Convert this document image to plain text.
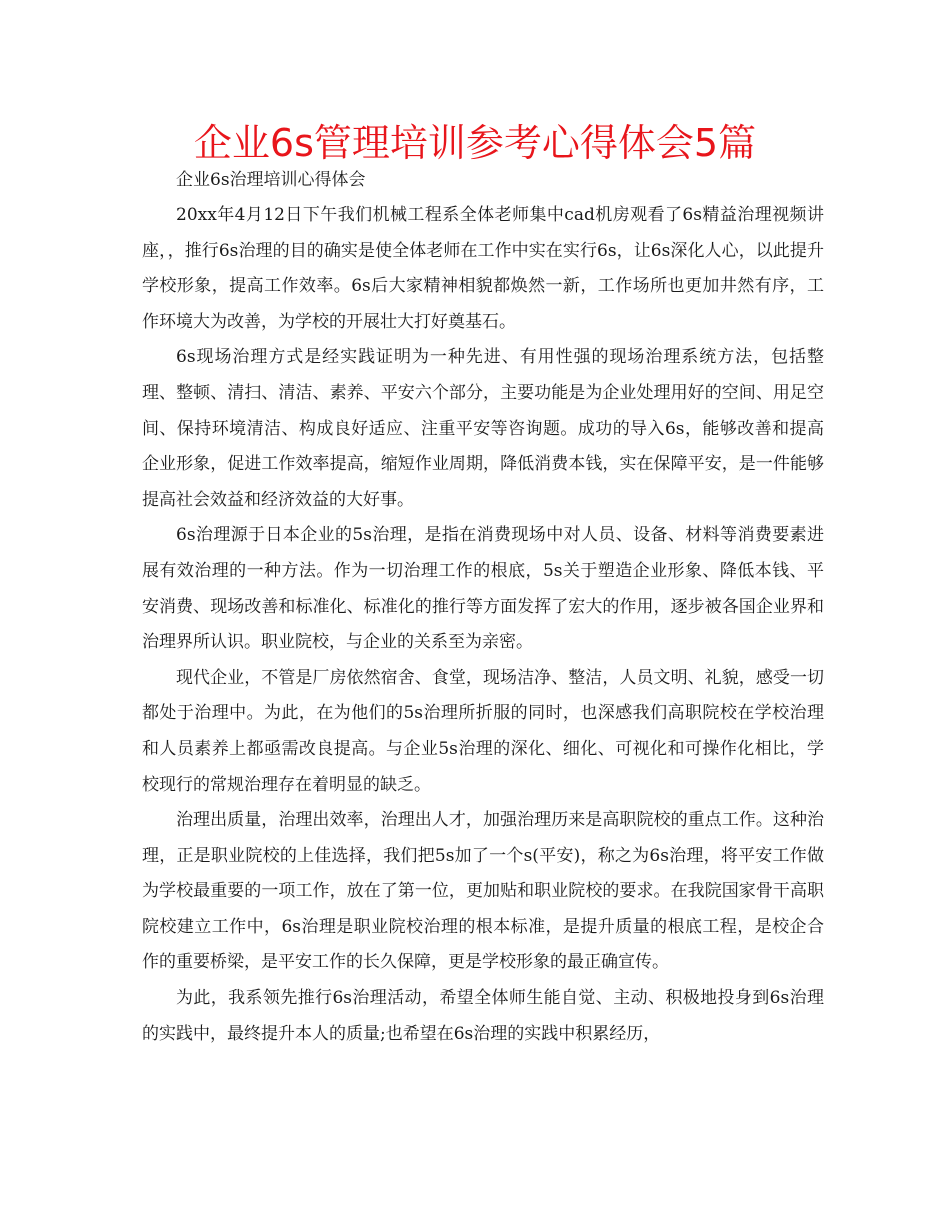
企业6s管理培训参考心得体会5篇
企业6s治理培训心得体会

20xx年4月12日下午我们机械工程系全体老师集中cad机房观看了6s精益治理视频讲座，，推行6s治理的目的确实是使全体老师在工作中实在实行6s，让6s深化人心，以此提升学校形象，提高工作效率。6s后大家精神相貌都焕然一新，工作场所也更加井然有序，工作环境大为改善，为学校的开展壮大打好奠基石。

6s现场治理方式是经实践证明为一种先进、有用性强的现场治理系统方法，包括整理、整顿、清扫、清洁、素养、平安六个部分，主要功能是为企业处理用好的空间、用足空间、保持环境清洁、构成良好适应、注重平安等咨询题。成功的导入6s，能够改善和提高企业形象，促进工作效率提高，缩短作业周期，降低消费本钱，实在保障平安，是一件能够提高社会效益和经济效益的大好事。

6s治理源于日本企业的5s治理，是指在消费现场中对人员、设备、材料等消费要素进展有效治理的一种方法。作为一切治理工作的根底，5s关于塑造企业形象、降低本钱、平安消费、现场改善和标准化、标准化的推行等方面发挥了宏大的作用，逐步被各国企业界和治理界所认识。职业院校，与企业的关系至为亲密。

现代企业，不管是厂房依然宿舍、食堂，现场洁净、整洁，人员文明、礼貌，感受一切都处于治理中。为此，在为他们的5s治理所折服的同时，也深感我们高职院校在学校治理和人员素养上都亟需改良提高。与企业5s治理的深化、细化、可视化和可操作化相比，学校现行的常规治理存在着明显的缺乏。

治理出质量，治理出效率，治理出人才，加强治理历来是高职院校的重点工作。这种治理，正是职业院校的上佳选择，我们把5s加了一个s(平安)，称之为6s治理，将平安工作做为学校最重要的一项工作，放在了第一位，更加贴和职业院校的要求。在我院国家骨干高职院校建立工作中，6s治理是职业院校治理的根本标准，是提升质量的根底工程，是校企合作的重要桥梁，是平安工作的长久保障，更是学校形象的最正确宣传。

为此，我系领先推行6s治理活动，希望全体师生能自觉、主动、积极地投身到6s治理的实践中，最终提升本人的质量;也希望在6s治理的实践中积累经历，
